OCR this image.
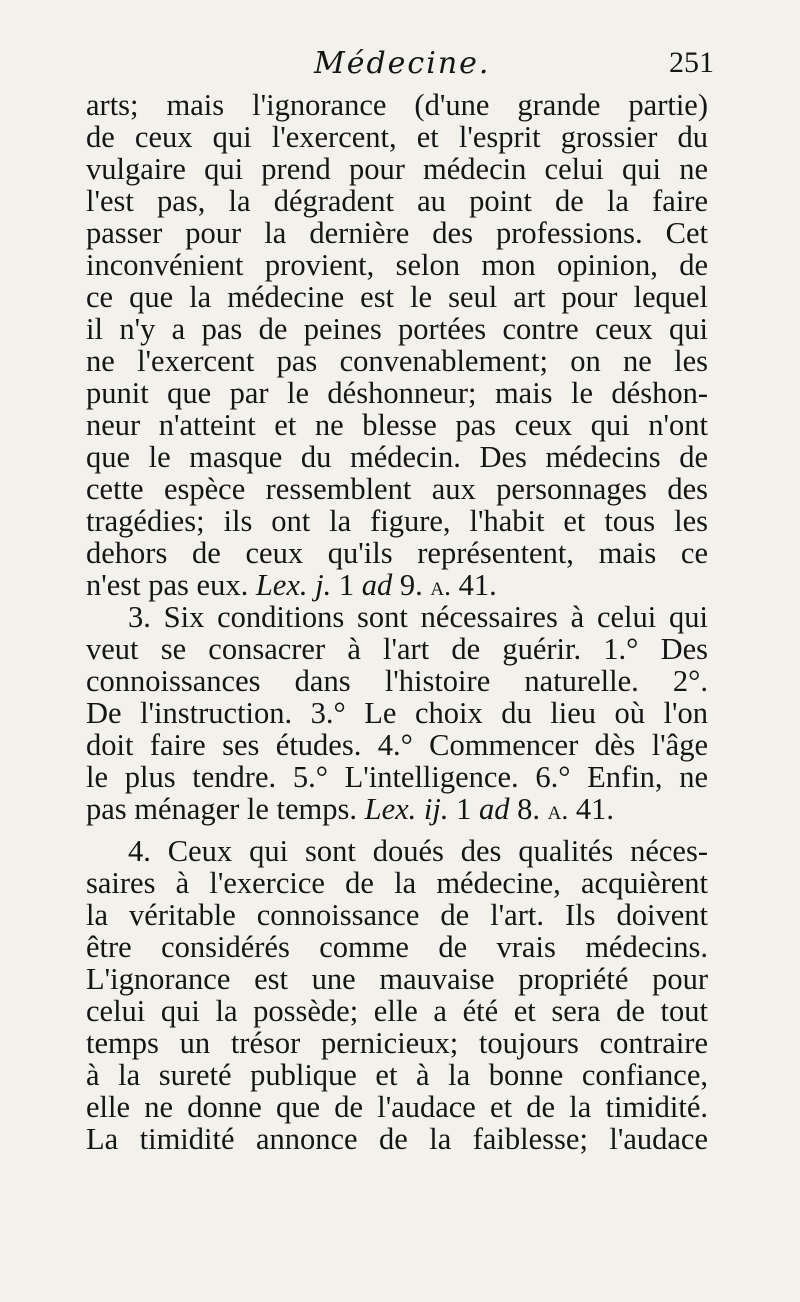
Médecine.	251
arts; mais l'ignorance (d'une grande partie)
de ceux qui l'exercent, et l'esprit grossier du
vulgaire qui prend pour médecin celui qui ne
l'est pas, la dégradent au point de la faire
passer pour la dernière des professions. Cet
inconvénient provient, selon mon opinion, de
ce que la médecine est le seul art pour lequel
il n'y a pas de peines portées contre ceux qui
ne l'exercent pas convenablement; on ne les
punit que par le déshonneur; mais le déshon-
neur n'atteint et ne blesse pas ceux qui n'ont
que le masque du médecin. Des médecins de
cette espèce ressemblent aux personnages des
tragédies; ils ont la figure, l'habit et tous les
dehors de ceux qu'ils représentent, mais ce
n'est pas eux. Lex. j. 1 ad 9. a. 41.
3. Six conditions sont nécessaires à celui qui
veut se consacrer à l'art de guérir. 1.° Des
connoissances dans l'histoire naturelle. 2°.
De l'instruction. 3.° Le choix du lieu où l'on
doit faire ses études. 4.° Commencer dès l'âge
le plus tendre. 5.° L'intelligence. 6.° Enfin, ne
pas ménager le temps. Lex. ij. 1 ad 8. a. 41.
4. Ceux qui sont doués des qualités néces-
saires à l'exercice de la médecine, acquièrent
la véritable connoissance de l'art. Ils doivent
être considérés comme de vrais médecins.
L'ignorance est une mauvaise propriété pour
celui qui la possède; elle a été et sera de tout
temps un trésor pernicieux; toujours contraire
à la sureté publique et à la bonne confiance,
elle ne donne que de l'audace et de la timidité.
La timidité annonce de la faiblesse; l'audace
